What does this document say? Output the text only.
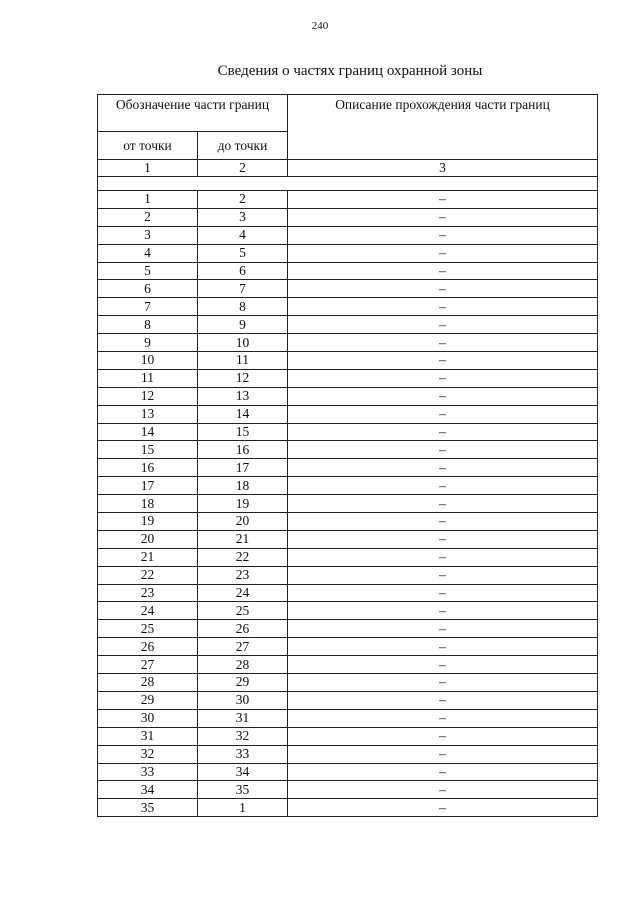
240
Сведения о частях границ охранной зоны
Обозначение части границ		Описание прохождения части границ
от точки	до точки	
1	2	3

1	2	–
2	3	–
3	4	–
4	5	–
5	6	–
6	7	–
7	8	–
8	9	–
9	10	–
10	11	–
11	12	–
12	13	–
13	14	–
14	15	–
15	16	–
16	17	–
17	18	–
18	19	–
19	20	–
20	21	–
21	22	–
22	23	–
23	24	–
24	25	–
25	26	–
26	27	–
27	28	–
28	29	–
29	30	–
30	31	–
31	32	–
32	33	–
33	34	–
34	35	–
35	1	–
